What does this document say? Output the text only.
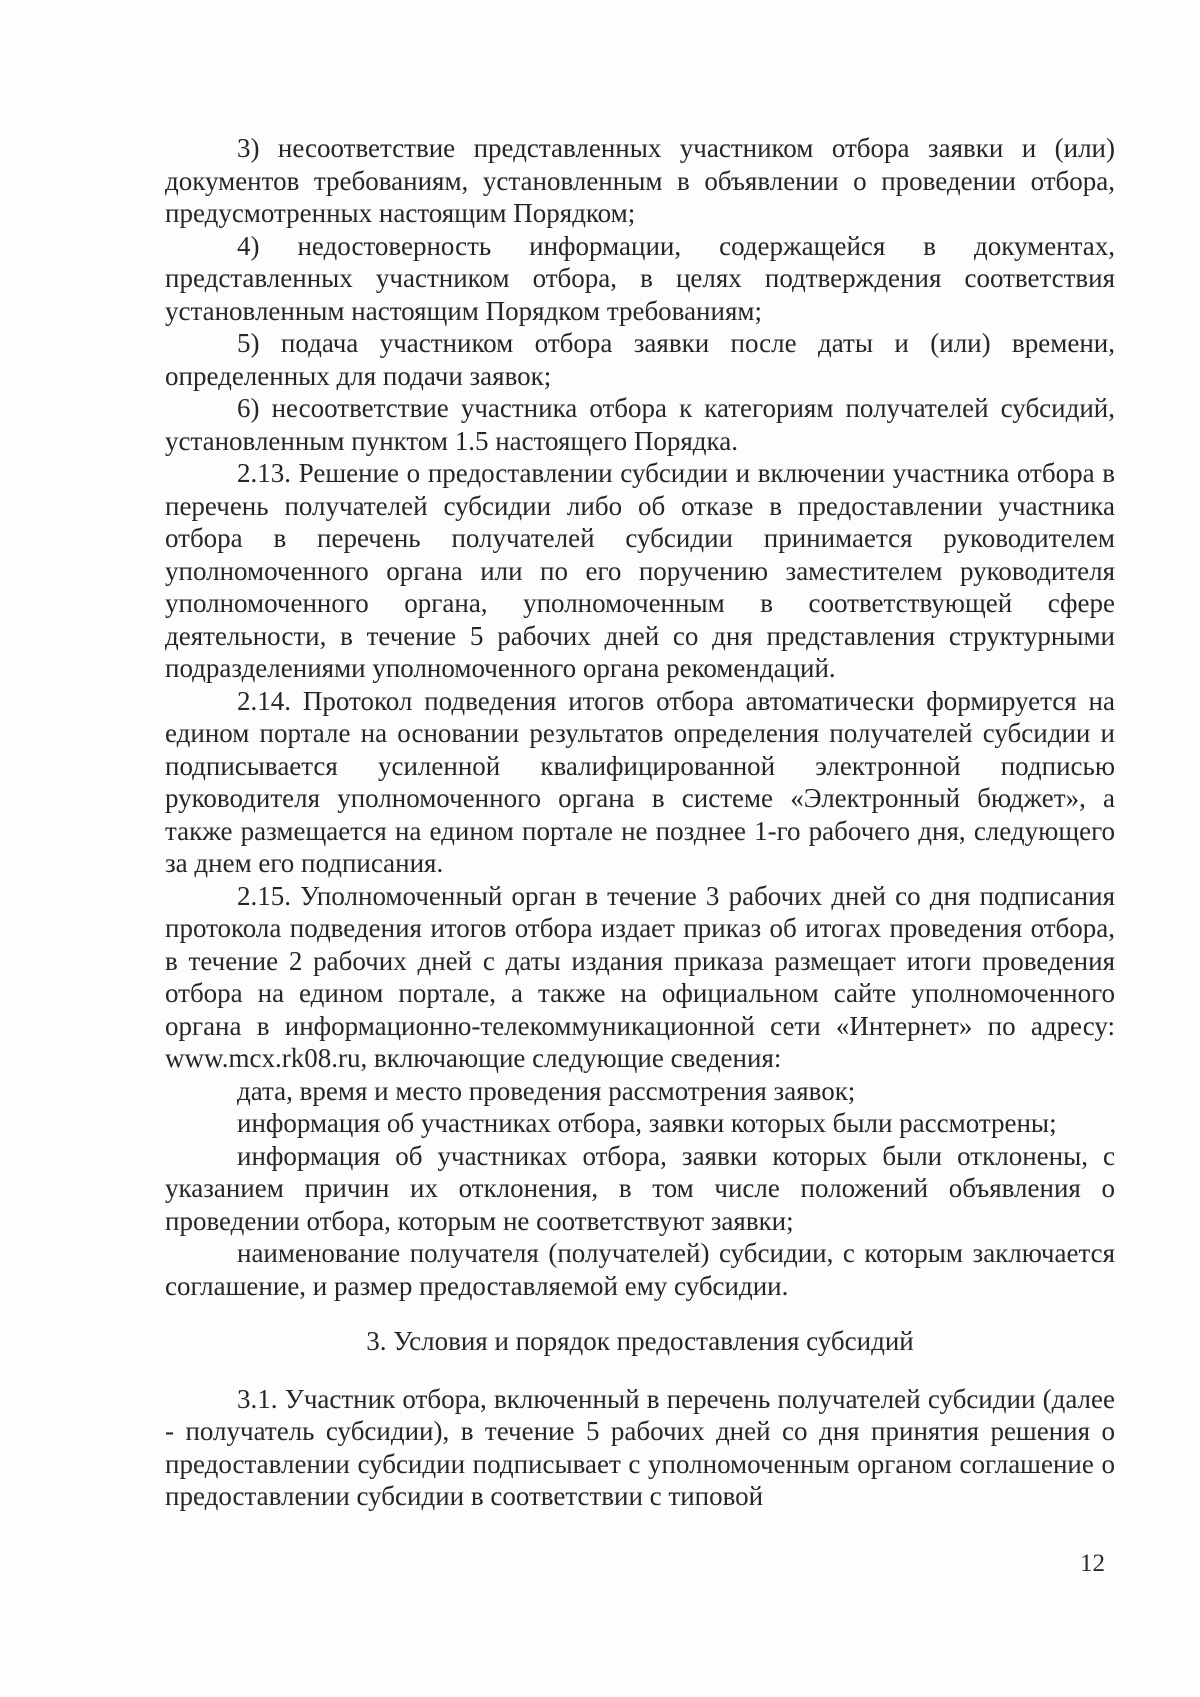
3) несоответствие представленных участником отбора заявки и (или) документов требованиям, установленным в объявлении о проведении отбора, предусмотренных настоящим Порядком;

4) недостоверность информации, содержащейся в документах, представленных участником отбора, в целях подтверждения соответствия установленным настоящим Порядком требованиям;

5) подача участником отбора заявки после даты и (или) времени, определенных для подачи заявок;

6) несоответствие участника отбора к категориям получателей субсидий, установленным пунктом 1.5 настоящего Порядка.

2.13. Решение о предоставлении субсидии и включении участника отбора в перечень получателей субсидии либо об отказе в предоставлении участника отбора в перечень получателей субсидии принимается руководителем уполномоченного органа или по его поручению заместителем руководителя уполномоченного органа, уполномоченным в соответствующей сфере деятельности, в течение 5 рабочих дней со дня представления структурными подразделениями уполномоченного органа рекомендаций.

2.14. Протокол подведения итогов отбора автоматически формируется на едином портале на основании результатов определения получателей субсидии и подписывается усиленной квалифицированной электронной подписью руководителя уполномоченного органа в системе «Электронный бюджет», а также размещается на едином портале не позднее 1-го рабочего дня, следующего за днем его подписания.

2.15. Уполномоченный орган в течение 3 рабочих дней со дня подписания протокола подведения итогов отбора издает приказ об итогах проведения отбора, в течение 2 рабочих дней с даты издания приказа размещает итоги проведения отбора на едином портале, а также на официальном сайте уполномоченного органа в информационно-телекоммуникационной сети «Интернет» по адресу: www.mcx.rk08.ru, включающие следующие сведения:

дата, время и место проведения рассмотрения заявок;

информация об участниках отбора, заявки которых были рассмотрены;

информация об участниках отбора, заявки которых были отклонены, с указанием причин их отклонения, в том числе положений объявления о проведении отбора, которым не соответствуют заявки;

наименование получателя (получателей) субсидии, с которым заключается соглашение, и размер предоставляемой ему субсидии.

3. Условия и порядок предоставления субсидий

3.1. Участник отбора, включенный в перечень получателей субсидии (далее - получатель субсидии), в течение 5 рабочих дней со дня принятия решения о предоставлении субсидии подписывает с уполномоченным органом соглашение о предоставлении субсидии в соответствии с типовой

12
